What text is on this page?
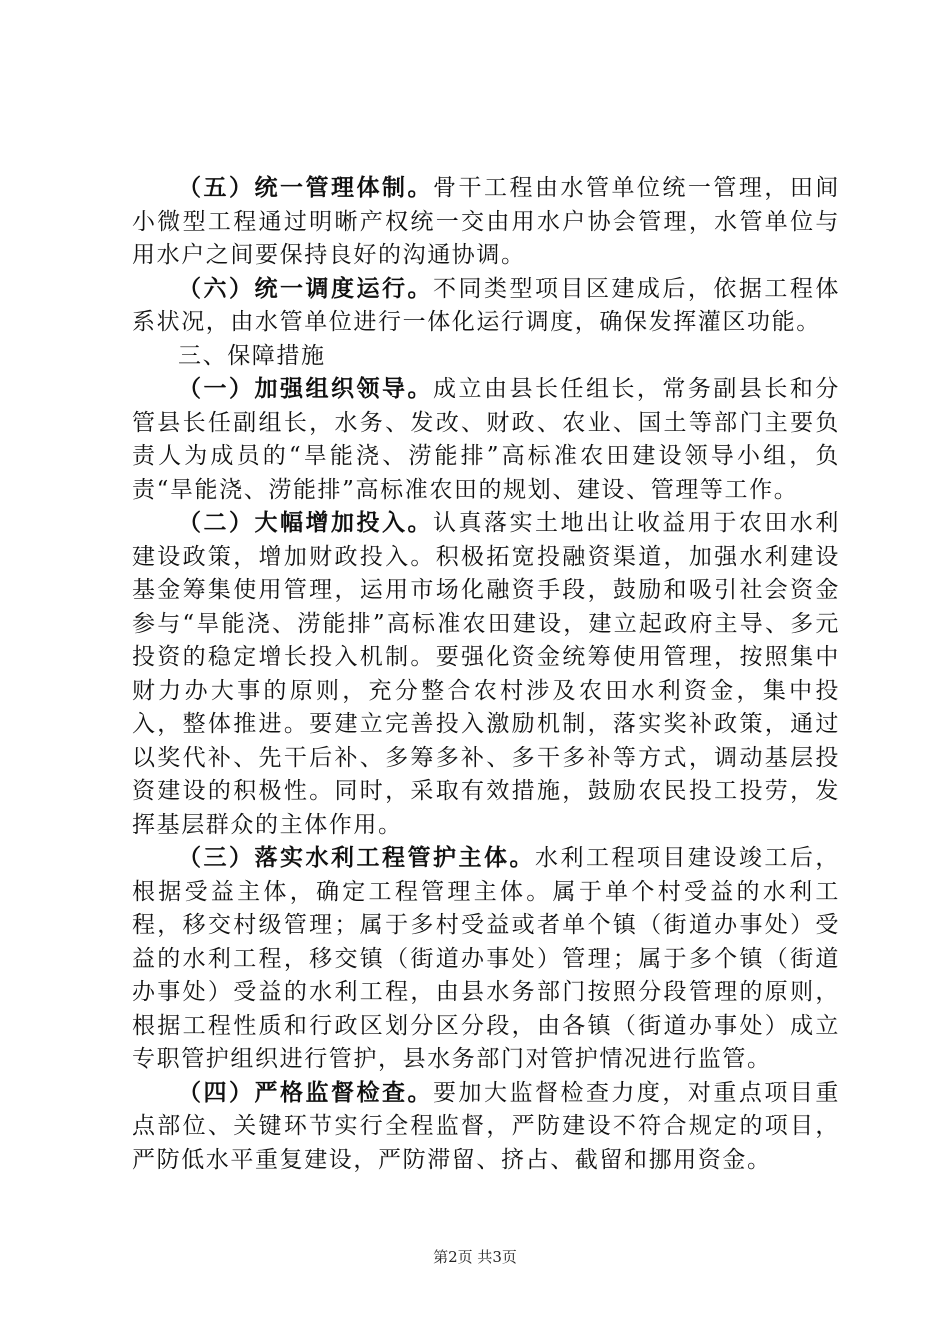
（五）统一管理体制。骨干工程由水管单位统一管理，田间小微型工程通过明晰产权统一交由用水户协会管理，水管单位与用水户之间要保持良好的沟通协调。

（六）统一调度运行。不同类型项目区建成后，依据工程体系状况，由水管单位进行一体化运行调度，确保发挥灌区功能。

三、保障措施

（一）加强组织领导。成立由县长任组长，常务副县长和分管县长任副组长，水务、发改、财政、农业、国土等部门主要负责人为成员的“旱能浇、涝能排”高标准农田建设领导小组，负责“旱能浇、涝能排”高标准农田的规划、建设、管理等工作。

（二）大幅增加投入。认真落实土地出让收益用于农田水利建设政策，增加财政投入。积极拓宽投融资渠道，加强水利建设基金筹集使用管理，运用市场化融资手段，鼓励和吸引社会资金参与“旱能浇、涝能排”高标准农田建设，建立起政府主导、多元投资的稳定增长投入机制。要强化资金统筹使用管理，按照集中财力办大事的原则，充分整合农村涉及农田水利资金，集中投入，整体推进。要建立完善投入激励机制，落实奖补政策，通过以奖代补、先干后补、多筹多补、多干多补等方式，调动基层投资建设的积极性。同时，采取有效措施，鼓励农民投工投劳，发挥基层群众的主体作用。

（三）落实水利工程管护主体。水利工程项目建设竣工后，根据受益主体，确定工程管理主体。属于单个村受益的水利工程，移交村级管理；属于多村受益或者单个镇（街道办事处）受益的水利工程，移交镇（街道办事处）管理；属于多个镇（街道办事处）受益的水利工程，由县水务部门按照分段管理的原则，根据工程性质和行政区划分区分段，由各镇（街道办事处）成立专职管护组织进行管护，县水务部门对管护情况进行监管。

（四）严格监督检查。要加大监督检查力度，对重点项目重点部位、关键环节实行全程监督，严防建设不符合规定的项目，严防低水平重复建设，严防滞留、挤占、截留和挪用资金。

第2页 共3页
